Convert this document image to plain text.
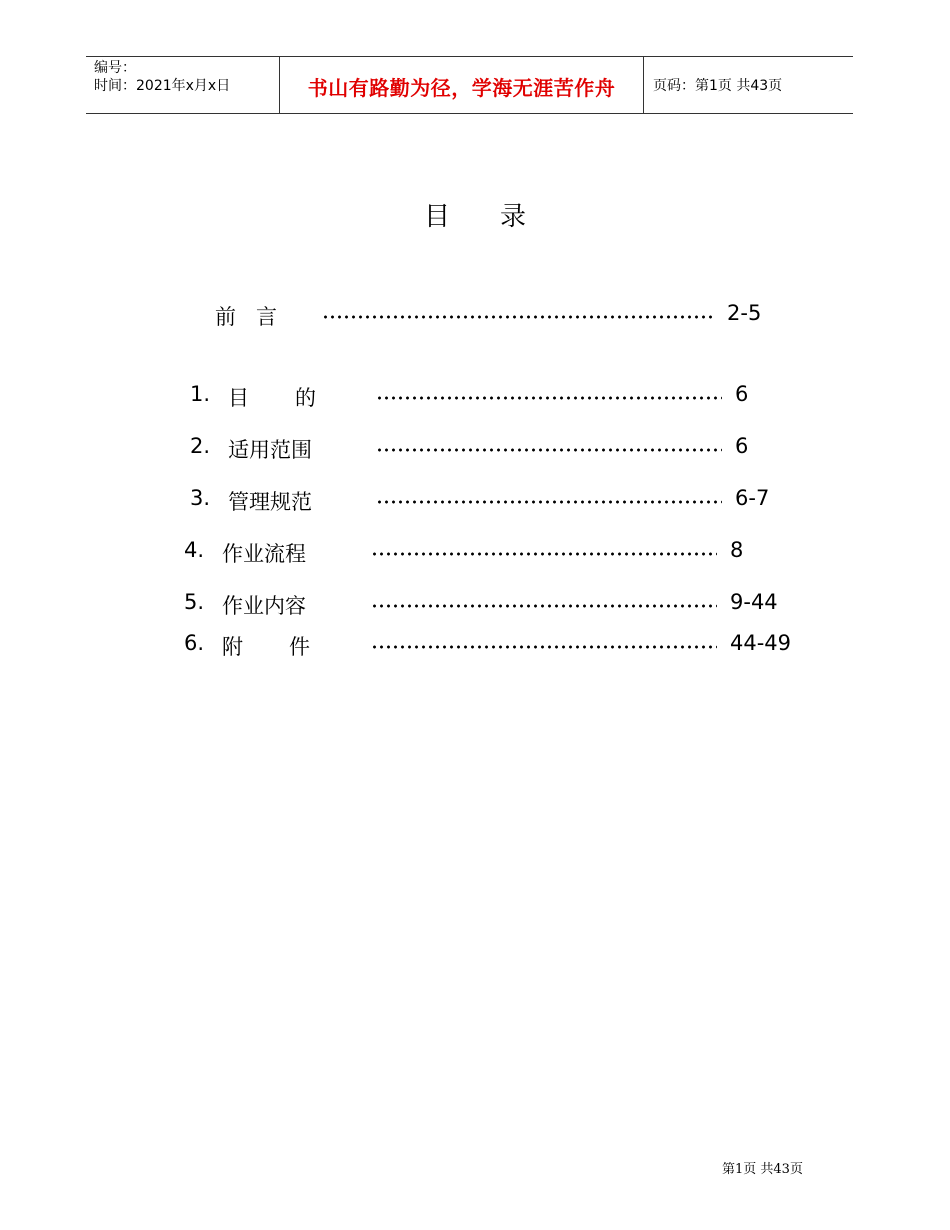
编号：
时间：2021年x月x日	书山有路勤为径，学海无涯苦作舟	页码：第1页 共43页
目录
前言	2-5
1. 目的	6
2. 适用范围	6
3. 管理规范	6-7
4. 作业流程	8
5. 作业内容	9-44
6. 附件	44-49
第1页 共43页
